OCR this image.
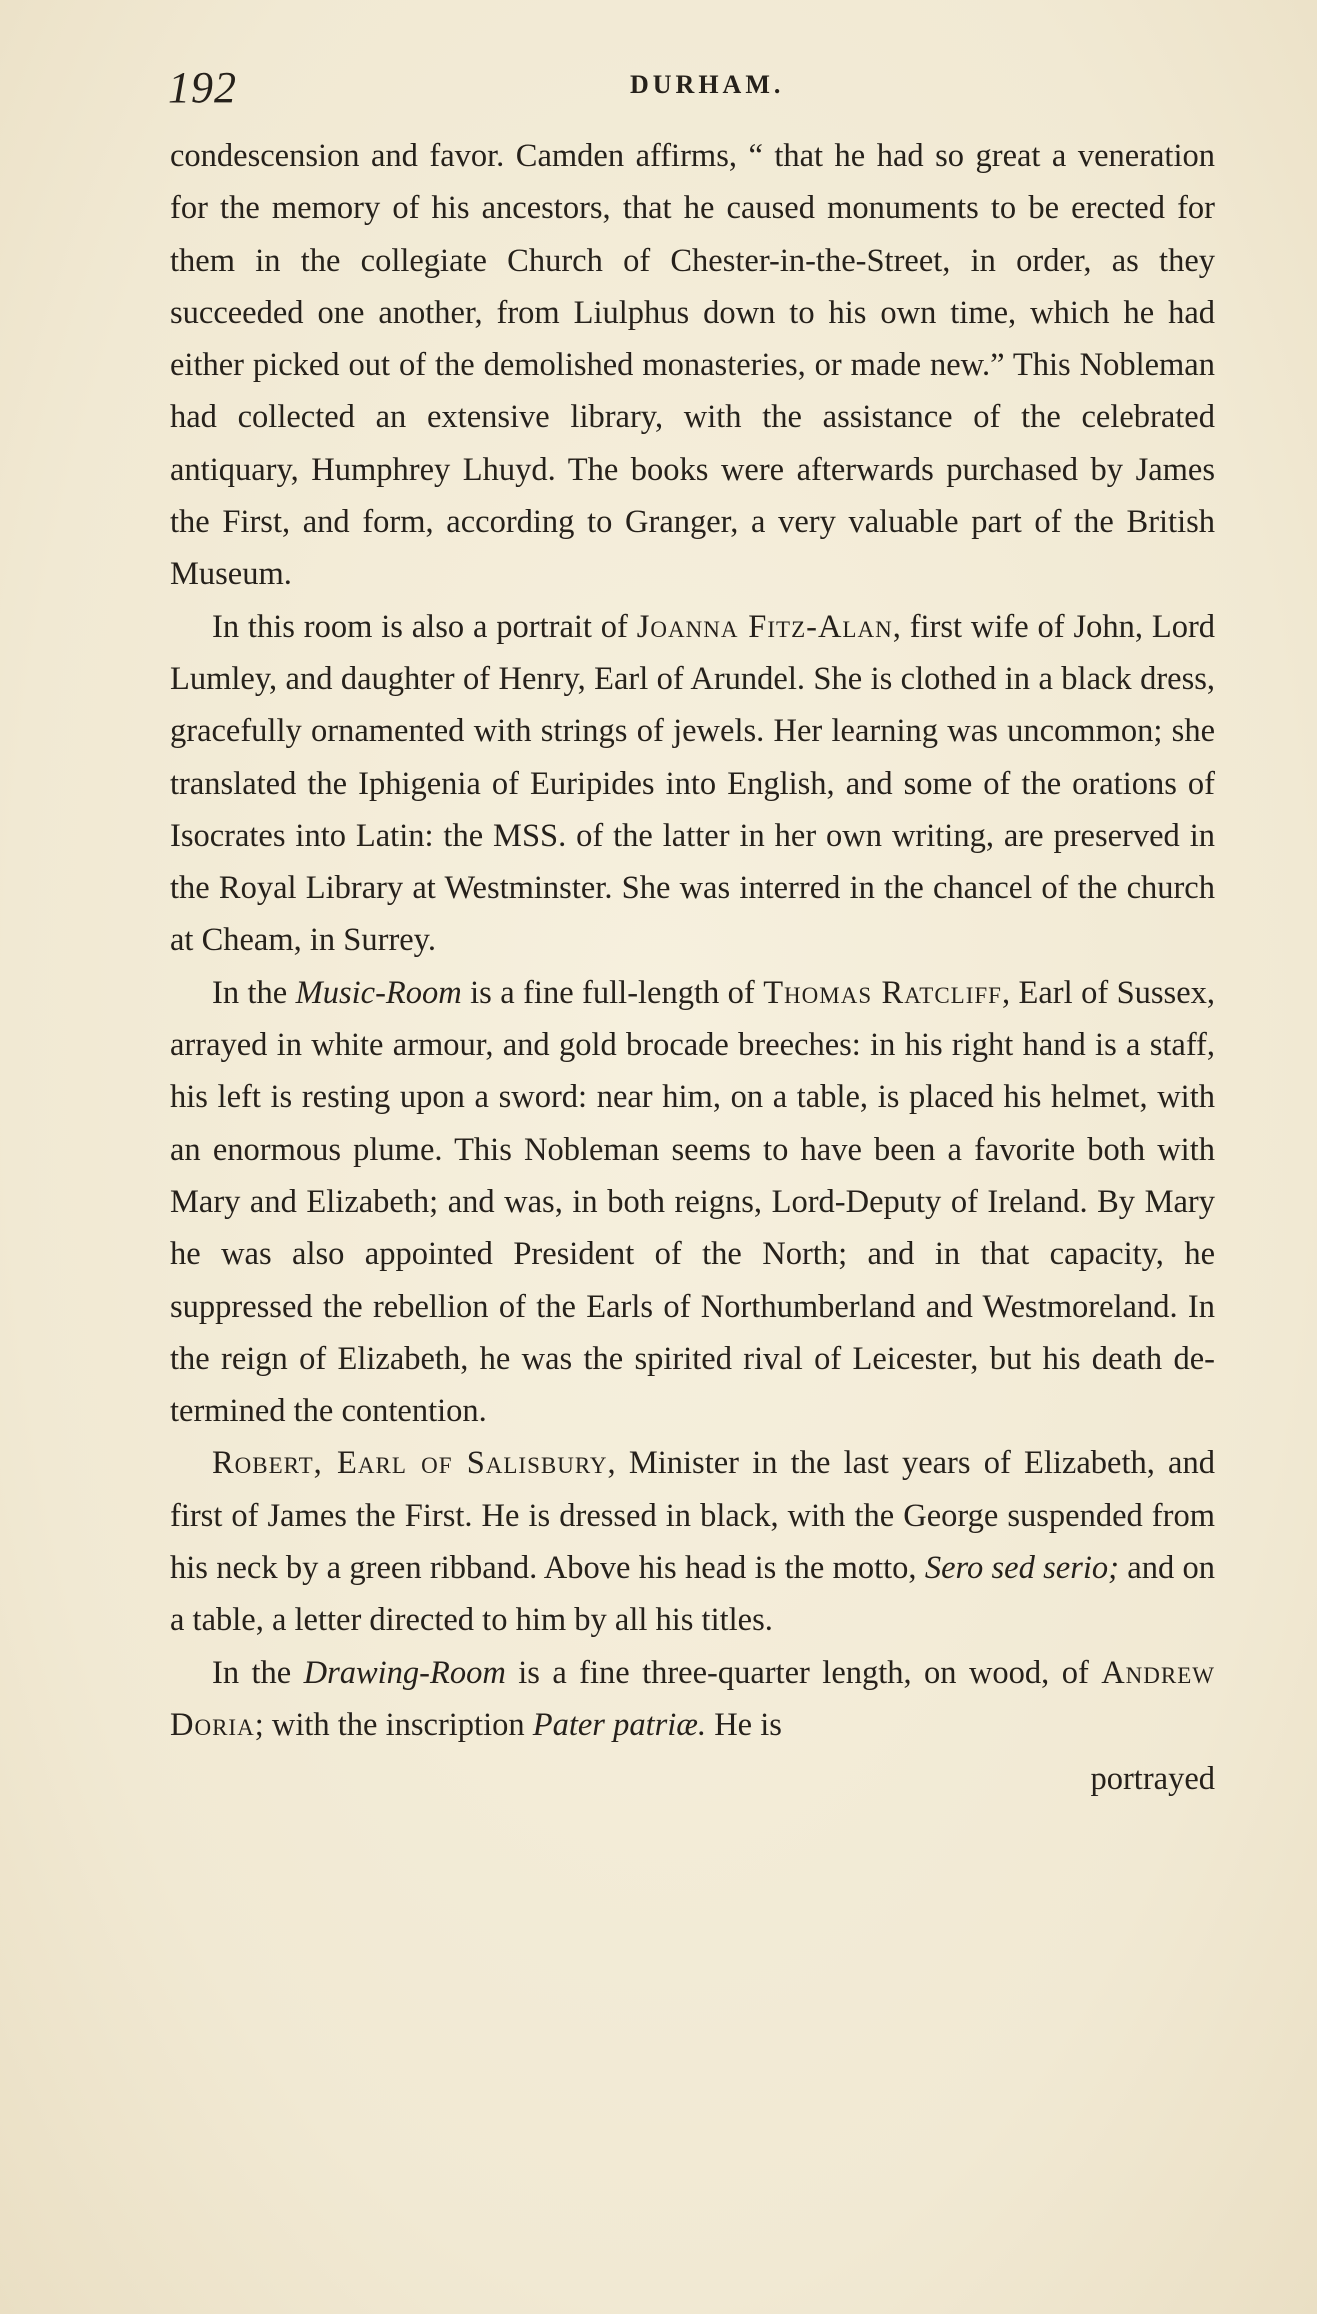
192	DURHAM.

condescension and favor. Camden affirms, “ that he had so great a veneration for the memory of his ancestors, that he caused monuments to be erected for them in the collegiate Church of Chester-in-the-Street, in order, as they succeeded one another, from Liulphus down to his own time, which he had either picked out of the demolished monasteries, or made new.” This Nobleman had collected an extensive library, with the assistance of the celebrated antiquary, Humphrey Lhuyd. The books were afterwards purchased by James the First, and form, according to Granger, a very valuable part of the British Museum.

In this room is also a portrait of Joanna Fitz-Alan, first wife of John, Lord Lumley, and daughter of Henry, Earl of Arundel. She is clothed in a black dress, gracefully ornamented with strings of jewels. Her learning was uncommon; she translated the Iphigenia of Euripides into English, and some of the orations of Isocrates into Latin: the MSS. of the latter in her own writing, are preserved in the Royal Library at Westminster. She was interred in the chancel of the church at Cheam, in Surrey.

In the Music-Room is a fine full-length of Thomas Ratcliff, Earl of Sussex, arrayed in white armour, and gold brocade breeches: in his right hand is a staff, his left is resting upon a sword: near him, on a table, is placed his helmet, with an enormous plume. This Nobleman seems to have been a favorite both with Mary and Elizabeth; and was, in both reigns, Lord-Deputy of Ireland. By Mary he was also appointed President of the North; and in that capacity, he suppressed the rebellion of the Earls of Northumberland and Westmoreland. In the reign of Elizabeth, he was the spirited rival of Leicester, but his death determined the contention.

Robert, Earl of Salisbury, Minister in the last years of Elizabeth, and first of James the First. He is dressed in black, with the George suspended from his neck by a green ribband. Above his head is the motto, Sero sed serio; and on a table, a letter directed to him by all his titles.

In the Drawing-Room is a fine three-quarter length, on wood, of Andrew Doria; with the inscription Pater patriæ. He is

portrayed
